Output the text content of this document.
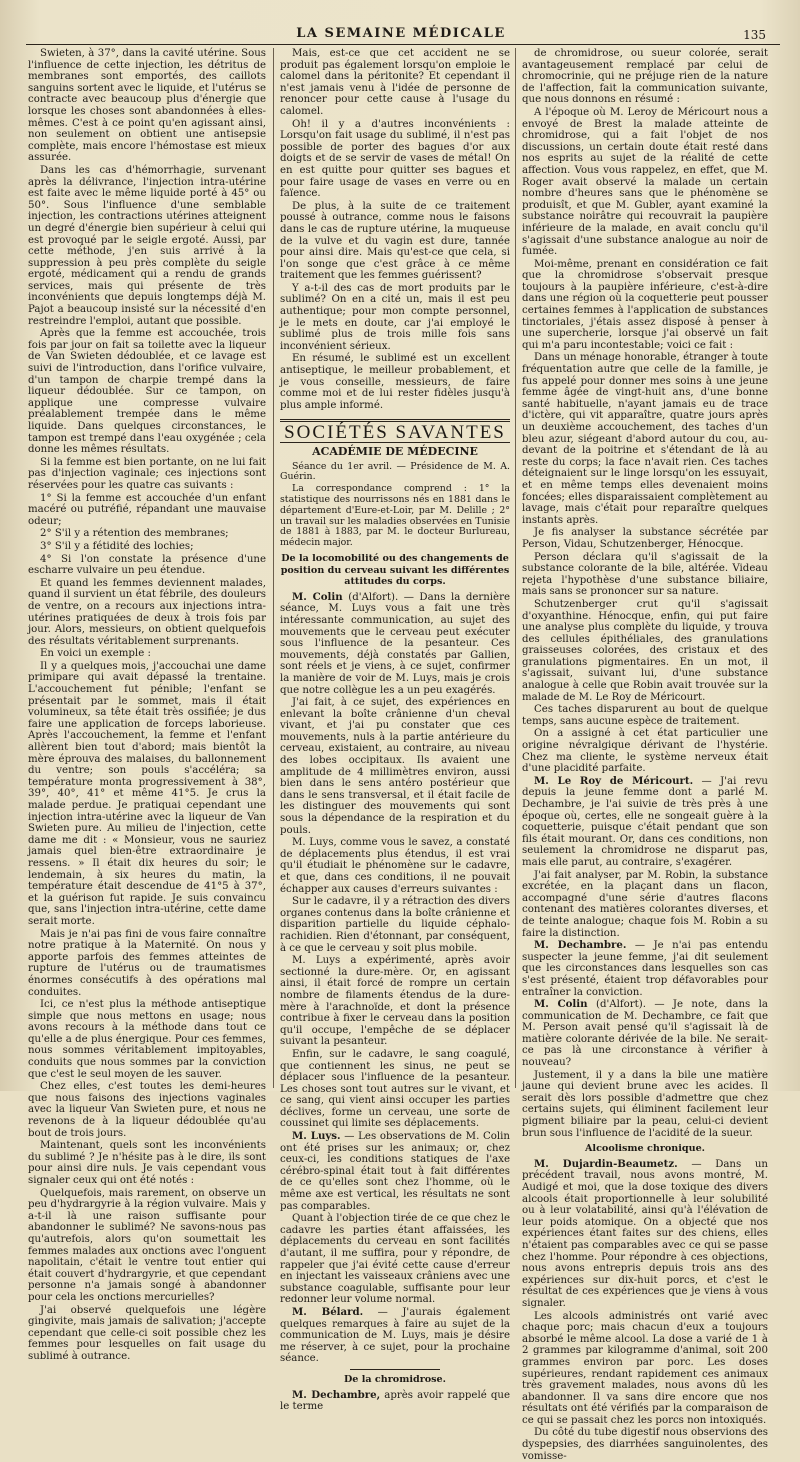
LA SEMAINE MÉDICALE	135

Swieten, à 37°, dans la cavité utérine. Sous l'influence de cette injection, les détritus de membranes sont emportés, des caillots sanguins sortent avec le liquide, et l'utérus se contracte avec beaucoup plus d'énergie que lorsque les choses sont abandonnées à elles-mêmes. C'est à ce point qu'en agissant ainsi, non seulement on obtient une antisepsie complète, mais encore l'hémostase est mieux assurée.

Dans les cas d'hémorrhagie, survenant après la délivrance, l'injection intra-utérine est faite avec le même liquide porté à 45° ou 50°. Sous l'influence d'une semblable injection, les contractions utérines atteignent un degré d'énergie bien supérieur à celui qui est provoqué par le seigle ergoté. Aussi, par cette méthode, j'en suis arrivé à la suppression à peu près complète du seigle ergoté, médicament qui a rendu de grands services, mais qui présente de très inconvénients que depuis longtemps déjà M. Pajot a beaucoup insisté sur la nécessité d'en restreindre l'emploi, autant que possible.

Après que la femme est accouchée, trois fois par jour on fait sa toilette avec la liqueur de Van Swieten dédoublée, et ce lavage est suivi de l'introduction, dans l'orifice vulvaire, d'un tampon de charpie trempé dans la liqueur dédoublée. Sur ce tampon, on applique une compresse vulvaire préalablement trempée dans le même liquide. Dans quelques circonstances, le tampon est trempé dans l'eau oxygénée ; cela donne les mêmes résultats.

Si la femme est bien portante, on ne lui fait pas d'injection vaginale; ces injections sont réservées pour les quatre cas suivants :

1° Si la femme est accouchée d'un enfant macéré ou putréfié, répandant une mauvaise odeur;

2° S'il y a rétention des membranes;

3° S'il y a fétidité des lochies;

4° Si l'on constate la présence d'une escharre vulvaire un peu étendue.

Et quand les femmes deviennent malades, quand il survient un état fébrile, des douleurs de ventre, on a recours aux injections intra-utérines pratiquées de deux à trois fois par jour. Alors, messieurs, on obtient quelquefois des résultats véritablement surprenants.

En voici un exemple :

Il y a quelques mois, j'accouchai une dame primipare qui avait dépassé la trentaine. L'accouchement fut pénible; l'enfant se présentait par le sommet, mais il était volumineux, sa tête était très ossifiée; je dus faire une application de forceps laborieuse. Après l'accouchement, la femme et l'enfant allèrent bien tout d'abord; mais bientôt la mère éprouva des malaises, du ballonnement du ventre; son pouls s'accéléra; sa température monta progressivement à 38°, 39°, 40°, 41° et même 41°5. Je crus la malade perdue. Je pratiquai cependant une injection intra-utérine avec la liqueur de Van Swieten pure. Au milieu de l'injection, cette dame me dit : « Monsieur, vous ne sauriez jamais quel bien-être extraordinaire je ressens. » Il était dix heures du soir; le lendemain, à six heures du matin, la température était descendue de 41°5 à 37°, et la guérison fut rapide. Je suis convaincu que, sans l'injection intra-utérine, cette dame serait morte.

Mais je n'ai pas fini de vous faire connaître notre pratique à la Maternité. On nous y apporte parfois des femmes atteintes de rupture de l'utérus ou de traumatismes énormes consécutifs à des opérations mal conduites.

Ici, ce n'est plus la méthode antiseptique simple que nous mettons en usage; nous avons recours à la méthode dans tout ce qu'elle a de plus énergique. Pour ces femmes, nous sommes véritablement impitoyables, conduits que nous sommes par la conviction que c'est le seul moyen de les sauver.

Chez elles, c'est toutes les demi-heures que nous faisons des injections vaginales avec la liqueur Van Swieten pure, et nous ne revenons de à la liqueur dédoublée qu'au bout de trois jours.

Maintenant, quels sont les inconvénients du sublimé ? Je n'hésite pas à le dire, ils sont pour ainsi dire nuls. Je vais cependant vous signaler ceux qui ont été notés :

Quelquefois, mais rarement, on observe un peu d'hydrargyrie à la région vulvaire. Mais y a-t-il là une raison suffisante pour abandonner le sublimé? Ne savons-nous pas qu'autrefois, alors qu'on soumettait les femmes malades aux onctions avec l'onguent napolitain, c'était le ventre tout entier qui était couvert d'hydrargyrie, et que cependant personne n'a jamais songé à abandonner pour cela les onctions mercurielles?

J'ai observé quelquefois une légère gingivite, mais jamais de salivation; j'accepte cependant que celle-ci soit possible chez les femmes pour lesquelles on fait usage du sublimé à outrance.

Mais, est-ce que cet accident ne se produit pas également lorsqu'on emploie le calomel dans la péritonite? Et cependant il n'est jamais venu à l'idée de personne de renoncer pour cette cause à l'usage du calomel.

Oh! il y a d'autres inconvénients : Lorsqu'on fait usage du sublimé, il n'est pas possible de porter des bagues d'or aux doigts et de se servir de vases de métal! On en est quitte pour quitter ses bagues et pour faire usage de vases en verre ou en faïence.

De plus, à la suite de ce traitement poussé à outrance, comme nous le faisons dans le cas de rupture utérine, la muqueuse de la vulve et du vagin est dure, tannée pour ainsi dire. Mais qu'est-ce que cela, si l'on songe que c'est grâce à ce même traitement que les femmes guérissent?

Y a-t-il des cas de mort produits par le sublimé? On en a cité un, mais il est peu authentique; pour mon compte personnel, je le mets en doute, car j'ai employé le sublimé plus de trois mille fois sans inconvénient sérieux.

En résumé, le sublimé est un excellent antiseptique, le meilleur probablement, et je vous conseille, messieurs, de faire comme moi et de lui rester fidèles jusqu'à plus ample informé.

SOCIÉTÉS SAVANTES
ACADÉMIE DE MÉDECINE

Séance du 1er avril. — Présidence de M. A. Guérin.

La correspondance comprend : 1° la statistique des nourrissons nés en 1881 dans le département d'Eure-et-Loir, par M. Delille ; 2° un travail sur les maladies observées en Tunisie de 1881 à 1883, par M. le docteur Burlureau, médecin major.

De la locomobilité ou des changements de position du cerveau suivant les différentes attitudes du corps.

M. Colin (d'Alfort). — Dans la dernière séance, M. Luys vous a fait une très intéressante communication, au sujet des mouvements que le cerveau peut exécuter sous l'influence de la pesanteur. Ces mouvements, déjà constatés par Gallien, sont réels et je viens, à ce sujet, confirmer la manière de voir de M. Luys, mais je crois que notre collègue les a un peu exagérés.

J'ai fait, à ce sujet, des expériences en enlevant la boîte crânienne d'un cheval vivant, et j'ai pu constater que ces mouvements, nuls à la partie antérieure du cerveau, existaient, au contraire, au niveau des lobes occipitaux. Ils avaient une amplitude de 4 millimètres environ, aussi bien dans le sens antéro postérieur que dans le sens transversal, et il était facile de les distinguer des mouvements qui sont sous la dépendance de la respiration et du pouls.

M. Luys, comme vous le savez, a constaté de déplacements plus étendus, il est vrai qu'il étudiait le phénomène sur le cadavre, et que, dans ces conditions, il ne pouvait échapper aux causes d'erreurs suivantes :

Sur le cadavre, il y a rétraction des divers organes contenus dans la boîte crânienne et disparition partielle du liquide céphalo-rachidien. Rien d'étonnant, par conséquent, à ce que le cerveau y soit plus mobile.

M. Luys a expérimenté, après avoir sectionné la dure-mère. Or, en agissant ainsi, il était forcé de rompre un certain nombre de filaments étendus de la dure-mère à l'arachnoïde, et dont la présence contribue à fixer le cerveau dans la position qu'il occupe, l'empêche de se déplacer suivant la pesanteur.

Enfin, sur le cadavre, le sang coagulé, que contiennent les sinus, ne peut se déplacer sous l'influence de la pesanteur. Les choses sont tout autres sur le vivant, et ce sang, qui vient ainsi occuper les parties déclives, forme un cerveau, une sorte de coussinet qui limite ses déplacements.

M. Luys. — Les observations de M. Colin ont été prises sur les animaux; or, chez ceux-ci, les conditions statiques de l'axe cérébro-spinal était tout à fait différentes de ce qu'elles sont chez l'homme, où le même axe est vertical, les résultats ne sont pas comparables.

Quant à l'objection tirée de ce que chez le cadavre les parties étant affaissées, les déplacements du cerveau en sont facilités d'autant, il me suffira, pour y répondre, de rappeler que j'ai évité cette cause d'erreur en injectant les vaisseaux crâniens avec une substance coagulable, suffisante pour leur redonner leur volume normal.

M. Bélard. — J'aurais également quelques remarques à faire au sujet de la communication de M. Luys, mais je désire me réserver, à ce sujet, pour la prochaine séance.

De la chromidrose.

M. Dechambre, après avoir rappelé que le terme

de chromidrose, ou sueur colorée, serait avantageusement remplacé par celui de chromocrinie, qui ne préjuge rien de la nature de l'affection, fait la communication suivante, que nous donnons en résumé :

A l'époque où M. Leroy de Méricourt nous a envoyé de Brest la malade atteinte de chromidrose, qui a fait l'objet de nos discussions, un certain doute était resté dans nos esprits au sujet de la réalité de cette affection. Vous vous rappelez, en effet, que M. Roger avait observé la malade un certain nombre d'heures sans que le phénomène se produisît, et que M. Gubler, ayant examiné la substance noirâtre qui recouvrait la paupière inférieure de la malade, en avait conclu qu'il s'agissait d'une substance analogue au noir de fumée.

Moi-même, prenant en considération ce fait que la chromidrose s'observait presque toujours à la paupière inférieure, c'est-à-dire dans une région où la coquetterie peut pousser certaines femmes à l'application de substances tinctoriales, j'étais assez disposé à penser à une supercherie, lorsque j'ai observé un fait qui m'a paru incontestable; voici ce fait :

Dans un ménage honorable, étranger à toute fréquentation autre que celle de la famille, je fus appelé pour donner mes soins à une jeune femme âgée de vingt-huit ans, d'une bonne santé habituelle, n'ayant jamais eu de trace d'ictère, qui vit apparaître, quatre jours après un deuxième accouchement, des taches d'un bleu azur, siégeant d'abord autour du cou, au-devant de la poitrine et s'étendant de là au reste du corps; la face n'avait rien. Ces taches déteignaient sur le linge lorsqu'on les essuyait, et en même temps elles devenaient moins foncées; elles disparaissaient complètement au lavage, mais c'était pour reparaître quelques instants après.

Je fis analyser la substance sécrétée par Person, Vidau, Schutzenberger, Hénocque.

Person déclara qu'il s'agissait de la substance colorante de la bile, altérée. Videau rejeta l'hypothèse d'une substance biliaire, mais sans se prononcer sur sa nature.

Schutzenberger crut qu'il s'agissait d'oxyanthine. Hénocque, enfin, qui put faire une analyse plus complète du liquide, y trouva des cellules épithéliales, des granulations graisseuses colorées, des cristaux et des granulations pigmentaires. En un mot, il s'agissait, suivant lui, d'une substance analogue à celle que Robin avait trouvée sur la malade de M. Le Roy de Méricourt.

Ces taches disparurent au bout de quelque temps, sans aucune espèce de traitement.

On a assigné à cet état particulier une origine névralgique dérivant de l'hystérie. Chez ma cliente, le système nerveux était d'une placidité parfaite.

M. Le Roy de Méricourt. — J'ai revu depuis la jeune femme dont a parlé M. Dechambre, je l'ai suivie de très près à une époque où, certes, elle ne songeait guère à la coquetterie, puisque c'était pendant que son fils était mourant. Or, dans ces conditions, non seulement la chromidrose ne disparut pas, mais elle parut, au contraire, s'exagérer.

J'ai fait analyser, par M. Robin, la substance excrétée, en la plaçant dans un flacon, accompagné d'une série d'autres flacons contenant des matières colorantes diverses, et de teinte analogue; chaque fois M. Robin a su faire la distinction.

M. Dechambre. — Je n'ai pas entendu suspecter la jeune femme, j'ai dit seulement que les circonstances dans lesquelles son cas s'est présenté, étaient trop défavorables pour entraîner la conviction.

M. Colin (d'Alfort). — Je note, dans la communication de M. Dechambre, ce fait que M. Person avait pensé qu'il s'agissait là de matière colorante dérivée de la bile. Ne serait-ce pas là une circonstance à vérifier à nouveau?

Justement, il y a dans la bile une matière jaune qui devient brune avec les acides. Il serait dès lors possible d'admettre que chez certains sujets, qui éliminent facilement leur pigment biliaire par la peau, celui-ci devient brun sous l'influence de l'acidité de la sueur.

Alcoolisme chronique.

M. Dujardin-Beaumetz. — Dans un précédent travail, nous avons montré, M. Audigé et moi, que la dose toxique des divers alcools était proportionnelle à leur solubilité ou à leur volatabilité, ainsi qu'à l'élévation de leur poids atomique. On a objecté que nos expériences étant faites sur des chiens, elles n'étaient pas comparables avec ce qui se passe chez l'homme. Pour répondre à ces objections, nous avons entrepris depuis trois ans des expériences sur dix-huit porcs, et c'est le résultat de ces expériences que je viens à vous signaler.

Les alcools administrés ont varié avec chaque porc; mais chacun d'eux a toujours absorbé le même alcool. La dose a varié de 1 à 2 grammes par kilogramme d'animal, soit 200 grammes environ par porc. Les doses supérieures, rendant rapidement ces animaux très gravement malades, nous avons dû les abandonner. Il va sans dire encore que nos résultats ont été vérifiés par la comparaison de ce qui se passait chez les porcs non intoxiqués.

Du côté du tube digestif nous observions des dyspepsies, des diarrhées sanguinolentes, des vomisse-
